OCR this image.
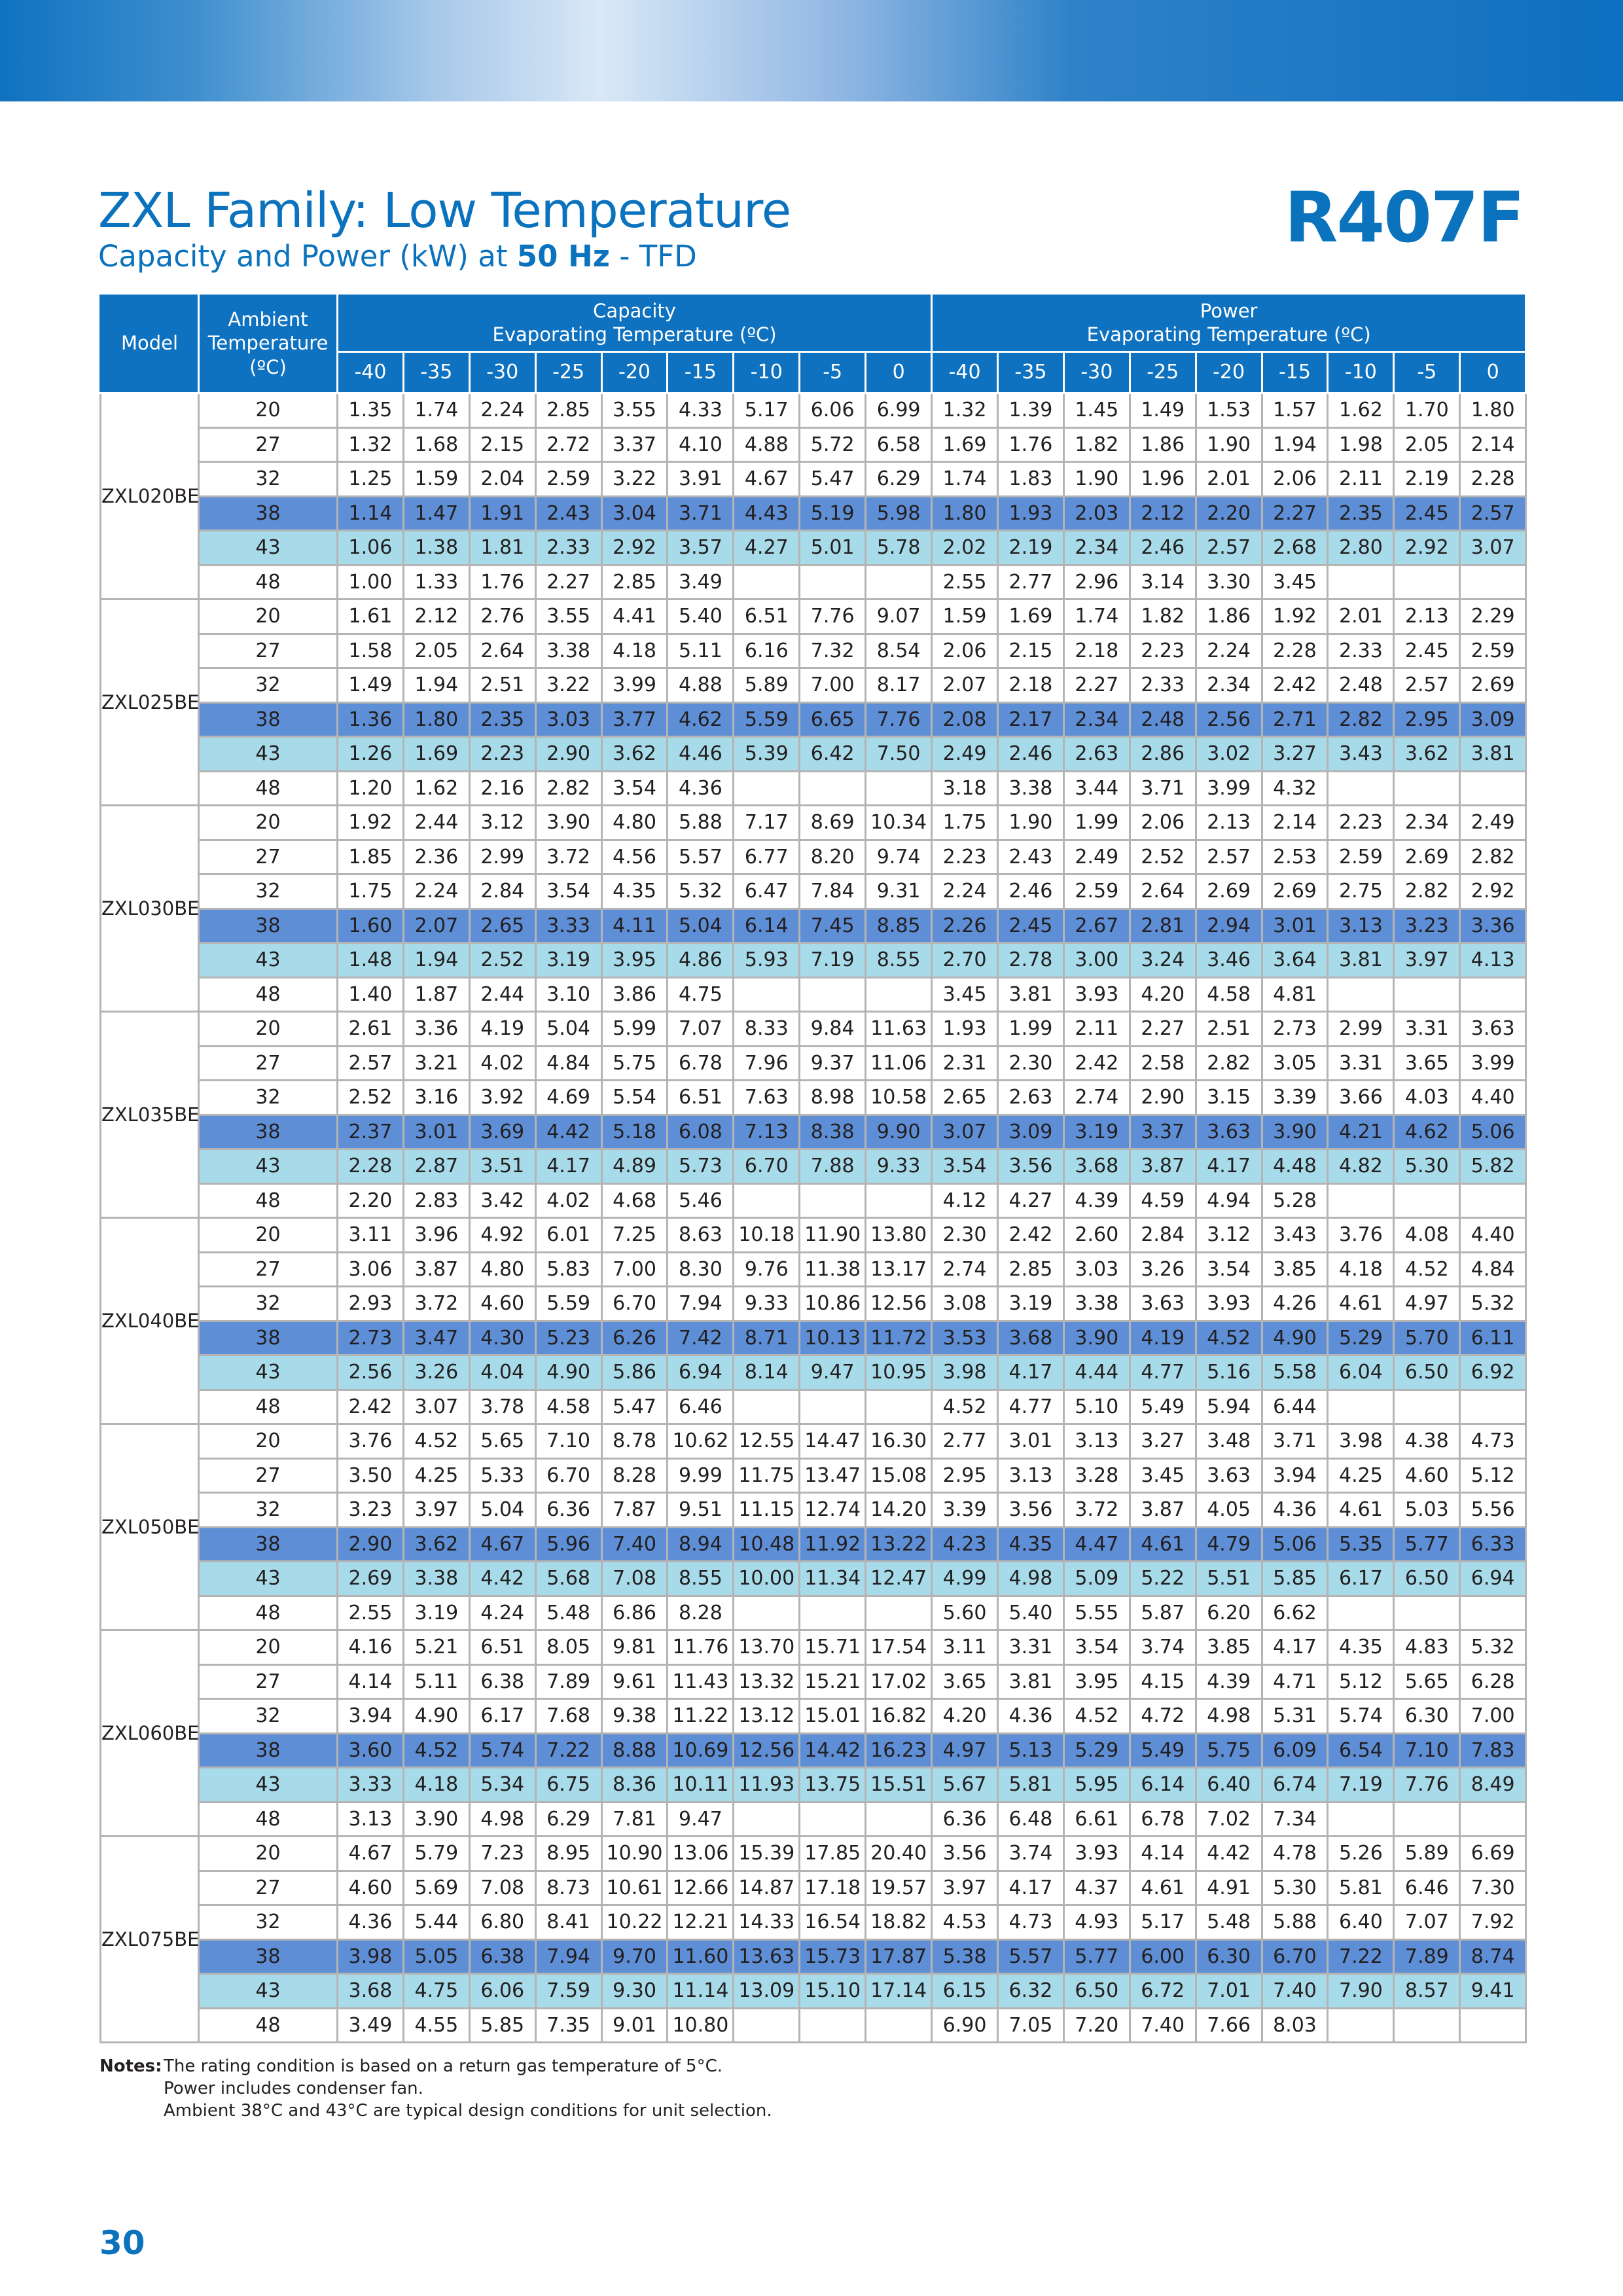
ZXL Family: Low Temperature
Capacity and Power (kW) at 50 Hz - TFD	R407F
Model	Ambient
Temperature
(ºC)	Capacity
Evaporating Temperature (ºC)									Power
Evaporating Temperature (ºC)								

		-40	-35	-30	-25	-20	-15	-10	-5	0	-40	-35	-30	-25	-20	-15	-10	-5	0
ZXL020BE	20	1.35	1.74	2.24	2.85	3.55	4.33	5.17	6.06	6.99	1.32	1.39	1.45	1.49	1.53	1.57	1.62	1.70	1.80
	27	1.32	1.68	2.15	2.72	3.37	4.10	4.88	5.72	6.58	1.69	1.76	1.82	1.86	1.90	1.94	1.98	2.05	2.14
	32	1.25	1.59	2.04	2.59	3.22	3.91	4.67	5.47	6.29	1.74	1.83	1.90	1.96	2.01	2.06	2.11	2.19	2.28
	38	1.14	1.47	1.91	2.43	3.04	3.71	4.43	5.19	5.98	1.80	1.93	2.03	2.12	2.20	2.27	2.35	2.45	2.57
	43	1.06	1.38	1.81	2.33	2.92	3.57	4.27	5.01	5.78	2.02	2.19	2.34	2.46	2.57	2.68	2.80	2.92	3.07
	48	1.00	1.33	1.76	2.27	2.85	3.49				2.55	2.77	2.96	3.14	3.30	3.45			
ZXL025BE	20	1.61	2.12	2.76	3.55	4.41	5.40	6.51	7.76	9.07	1.59	1.69	1.74	1.82	1.86	1.92	2.01	2.13	2.29
	27	1.58	2.05	2.64	3.38	4.18	5.11	6.16	7.32	8.54	2.06	2.15	2.18	2.23	2.24	2.28	2.33	2.45	2.59
	32	1.49	1.94	2.51	3.22	3.99	4.88	5.89	7.00	8.17	2.07	2.18	2.27	2.33	2.34	2.42	2.48	2.57	2.69
	38	1.36	1.80	2.35	3.03	3.77	4.62	5.59	6.65	7.76	2.08	2.17	2.34	2.48	2.56	2.71	2.82	2.95	3.09
	43	1.26	1.69	2.23	2.90	3.62	4.46	5.39	6.42	7.50	2.49	2.46	2.63	2.86	3.02	3.27	3.43	3.62	3.81
	48	1.20	1.62	2.16	2.82	3.54	4.36				3.18	3.38	3.44	3.71	3.99	4.32			
ZXL030BE	20	1.92	2.44	3.12	3.90	4.80	5.88	7.17	8.69	10.34	1.75	1.90	1.99	2.06	2.13	2.14	2.23	2.34	2.49
	27	1.85	2.36	2.99	3.72	4.56	5.57	6.77	8.20	9.74	2.23	2.43	2.49	2.52	2.57	2.53	2.59	2.69	2.82
	32	1.75	2.24	2.84	3.54	4.35	5.32	6.47	7.84	9.31	2.24	2.46	2.59	2.64	2.69	2.69	2.75	2.82	2.92
	38	1.60	2.07	2.65	3.33	4.11	5.04	6.14	7.45	8.85	2.26	2.45	2.67	2.81	2.94	3.01	3.13	3.23	3.36
	43	1.48	1.94	2.52	3.19	3.95	4.86	5.93	7.19	8.55	2.70	2.78	3.00	3.24	3.46	3.64	3.81	3.97	4.13
	48	1.40	1.87	2.44	3.10	3.86	4.75				3.45	3.81	3.93	4.20	4.58	4.81			
ZXL035BE	20	2.61	3.36	4.19	5.04	5.99	7.07	8.33	9.84	11.63	1.93	1.99	2.11	2.27	2.51	2.73	2.99	3.31	3.63
	27	2.57	3.21	4.02	4.84	5.75	6.78	7.96	9.37	11.06	2.31	2.30	2.42	2.58	2.82	3.05	3.31	3.65	3.99
	32	2.52	3.16	3.92	4.69	5.54	6.51	7.63	8.98	10.58	2.65	2.63	2.74	2.90	3.15	3.39	3.66	4.03	4.40
	38	2.37	3.01	3.69	4.42	5.18	6.08	7.13	8.38	9.90	3.07	3.09	3.19	3.37	3.63	3.90	4.21	4.62	5.06
	43	2.28	2.87	3.51	4.17	4.89	5.73	6.70	7.88	9.33	3.54	3.56	3.68	3.87	4.17	4.48	4.82	5.30	5.82
	48	2.20	2.83	3.42	4.02	4.68	5.46				4.12	4.27	4.39	4.59	4.94	5.28			
ZXL040BE	20	3.11	3.96	4.92	6.01	7.25	8.63	10.18	11.90	13.80	2.30	2.42	2.60	2.84	3.12	3.43	3.76	4.08	4.40
	27	3.06	3.87	4.80	5.83	7.00	8.30	9.76	11.38	13.17	2.74	2.85	3.03	3.26	3.54	3.85	4.18	4.52	4.84
	32	2.93	3.72	4.60	5.59	6.70	7.94	9.33	10.86	12.56	3.08	3.19	3.38	3.63	3.93	4.26	4.61	4.97	5.32
	38	2.73	3.47	4.30	5.23	6.26	7.42	8.71	10.13	11.72	3.53	3.68	3.90	4.19	4.52	4.90	5.29	5.70	6.11
	43	2.56	3.26	4.04	4.90	5.86	6.94	8.14	9.47	10.95	3.98	4.17	4.44	4.77	5.16	5.58	6.04	6.50	6.92
	48	2.42	3.07	3.78	4.58	5.47	6.46				4.52	4.77	5.10	5.49	5.94	6.44			
ZXL050BE	20	3.76	4.52	5.65	7.10	8.78	10.62	12.55	14.47	16.30	2.77	3.01	3.13	3.27	3.48	3.71	3.98	4.38	4.73
	27	3.50	4.25	5.33	6.70	8.28	9.99	11.75	13.47	15.08	2.95	3.13	3.28	3.45	3.63	3.94	4.25	4.60	5.12
	32	3.23	3.97	5.04	6.36	7.87	9.51	11.15	12.74	14.20	3.39	3.56	3.72	3.87	4.05	4.36	4.61	5.03	5.56
	38	2.90	3.62	4.67	5.96	7.40	8.94	10.48	11.92	13.22	4.23	4.35	4.47	4.61	4.79	5.06	5.35	5.77	6.33
	43	2.69	3.38	4.42	5.68	7.08	8.55	10.00	11.34	12.47	4.99	4.98	5.09	5.22	5.51	5.85	6.17	6.50	6.94
	48	2.55	3.19	4.24	5.48	6.86	8.28				5.60	5.40	5.55	5.87	6.20	6.62			
ZXL060BE	20	4.16	5.21	6.51	8.05	9.81	11.76	13.70	15.71	17.54	3.11	3.31	3.54	3.74	3.85	4.17	4.35	4.83	5.32
	27	4.14	5.11	6.38	7.89	9.61	11.43	13.32	15.21	17.02	3.65	3.81	3.95	4.15	4.39	4.71	5.12	5.65	6.28
	32	3.94	4.90	6.17	7.68	9.38	11.22	13.12	15.01	16.82	4.20	4.36	4.52	4.72	4.98	5.31	5.74	6.30	7.00
	38	3.60	4.52	5.74	7.22	8.88	10.69	12.56	14.42	16.23	4.97	5.13	5.29	5.49	5.75	6.09	6.54	7.10	7.83
	43	3.33	4.18	5.34	6.75	8.36	10.11	11.93	13.75	15.51	5.67	5.81	5.95	6.14	6.40	6.74	7.19	7.76	8.49
	48	3.13	3.90	4.98	6.29	7.81	9.47				6.36	6.48	6.61	6.78	7.02	7.34			
ZXL075BE	20	4.67	5.79	7.23	8.95	10.90	13.06	15.39	17.85	20.40	3.56	3.74	3.93	4.14	4.42	4.78	5.26	5.89	6.69
	27	4.60	5.69	7.08	8.73	10.61	12.66	14.87	17.18	19.57	3.97	4.17	4.37	4.61	4.91	5.30	5.81	6.46	7.30
	32	4.36	5.44	6.80	8.41	10.22	12.21	14.33	16.54	18.82	4.53	4.73	4.93	5.17	5.48	5.88	6.40	7.07	7.92
	38	3.98	5.05	6.38	7.94	9.70	11.60	13.63	15.73	17.87	5.38	5.57	5.77	6.00	6.30	6.70	7.22	7.89	8.74
	43	3.68	4.75	6.06	7.59	9.30	11.14	13.09	15.10	17.14	6.15	6.32	6.50	6.72	7.01	7.40	7.90	8.57	9.41
	48	3.49	4.55	5.85	7.35	9.01	10.80				6.90	7.05	7.20	7.40	7.66	8.03			
Notes:The rating condition is based on a return gas temperature of 5°C.
Power includes condenser fan.
Ambient 38°C and 43°C are typical design conditions for unit selection.
30
